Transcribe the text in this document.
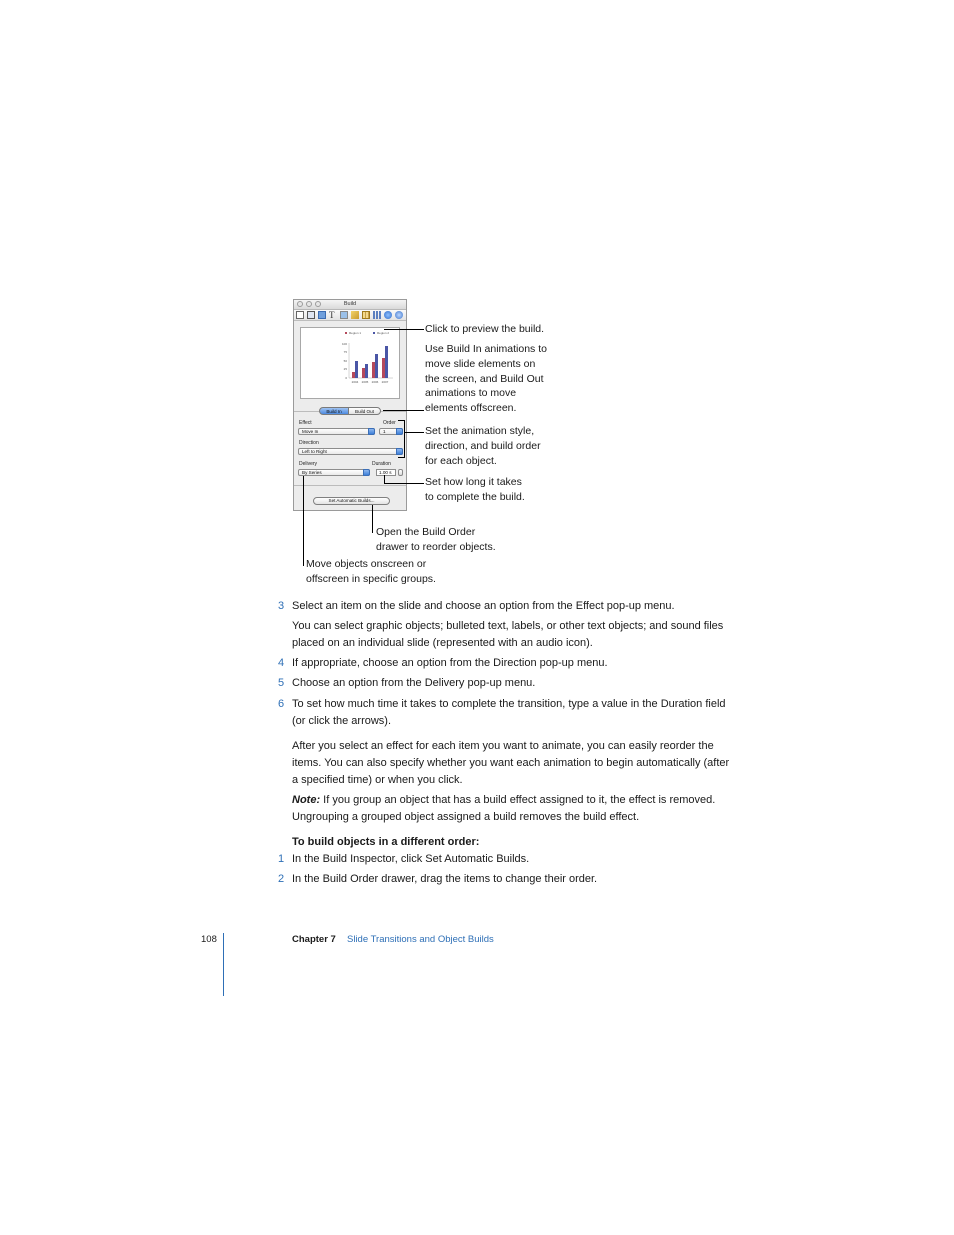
Build
T
Region 1	Region 2
100
75
50
25
0
2004 2005 2006 2007
Build In	Build Out
Effect	Order
Move In	1
Direction
Left to Right
Delivery	Duration
By Series	1.00 s
Set Automatic Builds...
Click to preview the build.
Use Build In animations to
move slide elements on
the screen, and Build Out
animations to move
elements offscreen.
Set the animation style,
direction, and build order
for each object.
Set how long it takes
to complete the build.
Open the Build Order
drawer to reorder objects.
Move objects onscreen or
offscreen in specific groups.
3 Select an item on the slide and choose an option from the Effect pop-up menu.
You can select graphic objects; bulleted text, labels, or other text objects; and sound files placed on an individual slide (represented with an audio icon).
4 If appropriate, choose an option from the Direction pop-up menu.
5 Choose an option from the Delivery pop-up menu.
6 To set how much time it takes to complete the transition, type a value in the Duration field (or click the arrows).
After you select an effect for each item you want to animate, you can easily reorder the items. You can also specify whether you want each animation to begin automatically (after a specified time) or when you click.
Note: If you group an object that has a build effect assigned to it, the effect is removed. Ungrouping a grouped object assigned a build removes the build effect.
To build objects in a different order:
1 In the Build Inspector, click Set Automatic Builds.
2 In the Build Order drawer, drag the items to change their order.
108	Chapter 7 Slide Transitions and Object Builds
